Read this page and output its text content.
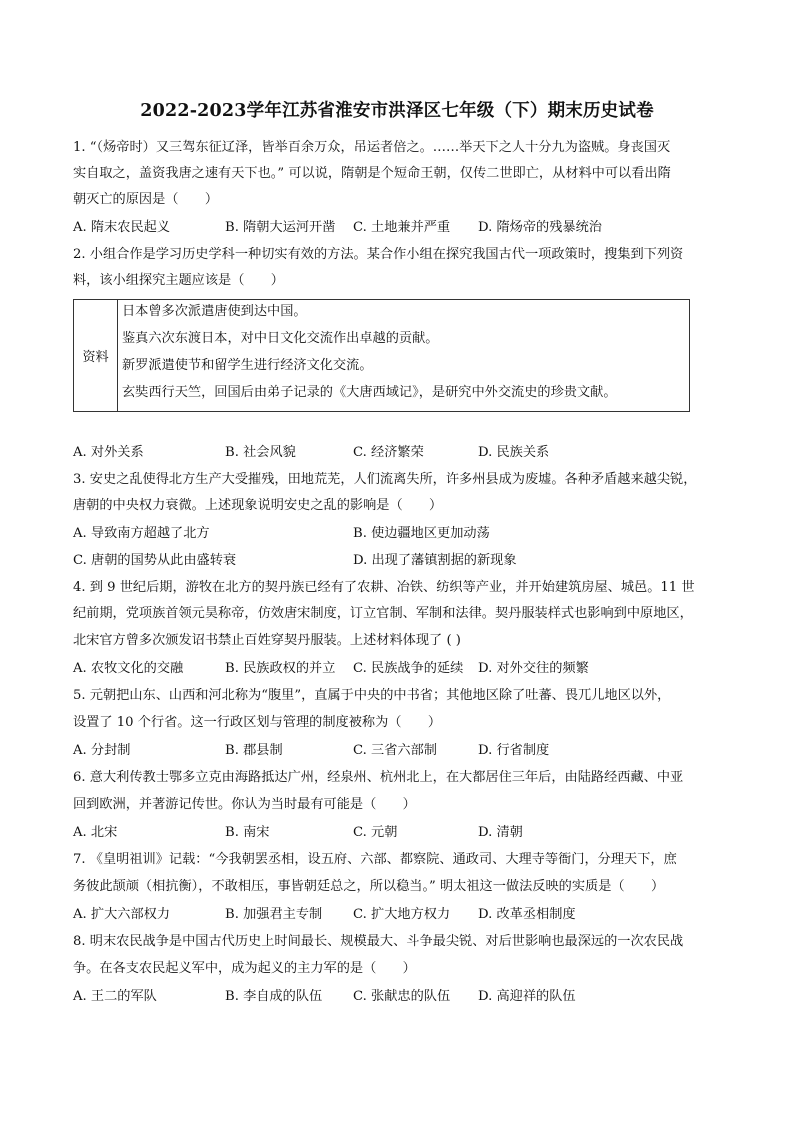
2022-2023学年江苏省淮安市洪泽区七年级（下）期末历史试卷
1. “（炀帝时）又三驾东征辽泽，皆举百余万众，吊运者倍之。……举天下之人十分九为盗贼。身丧国灭
实自取之，盖资我唐之速有天下也。” 可以说，隋朝是个短命王朝，仅传二世即亡，从材料中可以看出隋
朝灭亡的原因是（　　）
A. 隋末农民起义	B. 隋朝大运河开凿 C. 土地兼并严重 D. 隋炀帝的残暴统治
2. 小组合作是学习历史学科一种切实有效的方法。某合作小组在探究我国古代一项政策时，搜集到下列资
料，该小组探究主题应该是（　　）
资料
日本曾多次派遣唐使到达中国。
鉴真六次东渡日本，对中日文化交流作出卓越的贡献。
新罗派遣使节和留学生进行经济文化交流。
玄奘西行天竺，回国后由弟子记录的《大唐西域记》，是研究中外交流史的珍贵文献。
A. 对外关系	B. 社会风貌	C. 经济繁荣	D. 民族关系
3. 安史之乱使得北方生产大受摧残，田地荒芜，人们流离失所，许多州县成为废墟。各种矛盾越来越尖锐，
唐朝的中央权力衰微。上述现象说明安史之乱的影响是（　　）
A. 导致南方超越了北方	B. 使边疆地区更加动荡
C. 唐朝的国势从此由盛转衰	D. 出现了藩镇割据的新现象
4. 到 9 世纪后期，游牧在北方的契丹族已经有了农耕、冶铁、纺织等产业，并开始建筑房屋、城邑。11 世
纪前期，党项族首领元昊称帝，仿效唐宋制度，订立官制、军制和法律。契丹服装样式也影响到中原地区，
北宋官方曾多次颁发诏书禁止百姓穿契丹服装。上述材料体现了 ( )
A. 农牧文化的交融	B. 民族政权的并立 C. 民族战争的延续 D. 对外交往的频繁
5. 元朝把山东、山西和河北称为“腹里”，直属于中央的中书省；其他地区除了吐蕃、畏兀儿地区以外，
设置了 10 个行省。这一行政区划与管理的制度被称为（　　）
A. 分封制	B. 郡县制	C. 三省六部制	D. 行省制度
6. 意大利传教士鄂多立克由海路抵达广州，经泉州、杭州北上，在大都居住三年后，由陆路经西藏、中亚
回到欧洲，并著游记传世。你认为当时最有可能是（　　）
A. 北宋	B. 南宋	C. 元朝	D. 清朝
7. 《皇明祖训》记载：“今我朝罢丞相，设五府、六部、都察院、通政司、大理寺等衙门，分理天下，庶
务彼此颉颃（相抗衡），不敢相压，事皆朝廷总之，所以稳当。” 明太祖这一做法反映的实质是（　　）
A. 扩大六部权力	B. 加强君主专制 C. 扩大地方权力 D. 改革丞相制度
8. 明末农民战争是中国古代历史上时间最长、规模最大、斗争最尖锐、对后世影响也最深远的一次农民战
争。在各支农民起义军中，成为起义的主力军的是（　　）
A. 王二的军队	B. 李自成的队伍 C. 张献忠的队伍 D. 高迎祥的队伍
